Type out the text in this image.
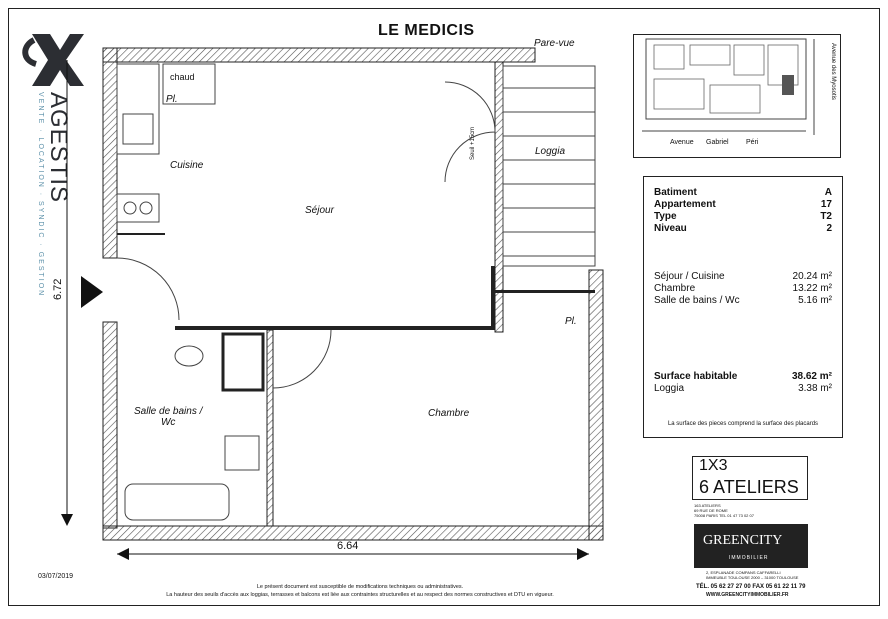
AGESTIS
VENTE · LOCATION · SYNDIC · GESTION
LE MEDICIS
Cuisine
Séjour
Loggia
Chambre
Salle de bains /
Wc
chaud
Pl.
Pl.
Pare-vue
Seuil +15cm
6.72
6.64
Avenue Gabriel Péri
Avenue des Myosotis
Batiment	A
Appartement	17
Type	T2
Niveau	2
Séjour / Cuisine	20.24 m²
Chambre	13.22 m²
Salle de bains / Wc	5.16 m²
Surface habitable	38.62 m²
Loggia	3.38 m²
La surface des pieces comprend la surface des placards
1X3
6 ATELIERS
163 ATELIERS
69 RUE DE ROME
75008 PARIS TEL 01 47 73 02 07
GREENCITY
IMMOBILIER
2, ESPLANADE COMPANS CAFFARELLI
IMMEUBLE TOULOUSE 2000 – 31000 TOULOUSE
TÉL. 05 62 27 27 00 FAX 05 61 22 11 79
WWW.GREENCITYIMMOBILIER.FR
03/07/2019
Le présent document est susceptible de modifications techniques ou administratives.
La hauteur des seuils d'accès aux loggias, terrasses et balcons est liée aux contraintes structurelles et au respect des normes constructives et DTU en vigueur.
